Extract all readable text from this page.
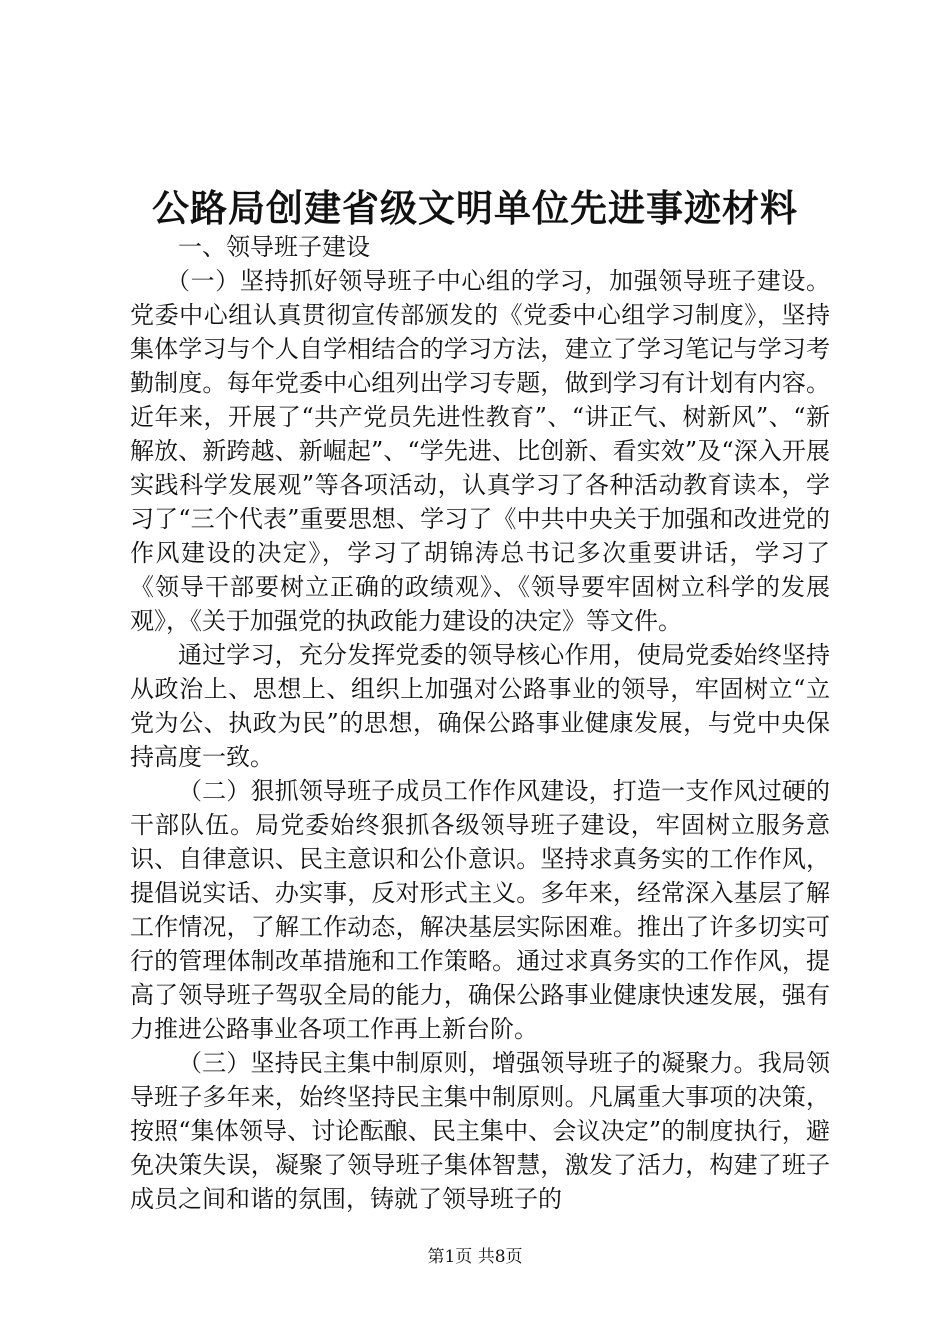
公路局创建省级文明单位先进事迹材料

一、领导班子建设

（一）坚持抓好领导班子中心组的学习，加强领导班子建设。党委中心组认真贯彻宣传部颁发的《党委中心组学习制度》，坚持集体学习与个人自学相结合的学习方法，建立了学习笔记与学习考勤制度。每年党委中心组列出学习专题，做到学习有计划有内容。近年来，开展了“共产党员先进性教育”、“讲正气、树新风”、“新解放、新跨越、新崛起”、“学先进、比创新、看实效”及“深入开展实践科学发展观”等各项活动，认真学习了各种活动教育读本，学习了“三个代表”重要思想、学习了《中共中央关于加强和改进党的作风建设的决定》，学习了胡锦涛总书记多次重要讲话，学习了《领导干部要树立正确的政绩观》、《领导要牢固树立科学的发展观》，《关于加强党的执政能力建设的决定》等文件。

通过学习，充分发挥党委的领导核心作用，使局党委始终坚持从政治上、思想上、组织上加强对公路事业的领导，牢固树立“立党为公、执政为民”的思想，确保公路事业健康发展，与党中央保持高度一致。

（二）狠抓领导班子成员工作作风建设，打造一支作风过硬的干部队伍。局党委始终狠抓各级领导班子建设，牢固树立服务意识、自律意识、民主意识和公仆意识。坚持求真务实的工作作风，提倡说实话、办实事，反对形式主义。多年来，经常深入基层了解工作情况，了解工作动态，解决基层实际困难。推出了许多切实可行的管理体制改革措施和工作策略。通过求真务实的工作作风，提高了领导班子驾驭全局的能力，确保公路事业健康快速发展，强有力推进公路事业各项工作再上新台阶。

（三）坚持民主集中制原则，增强领导班子的凝聚力。我局领导班子多年来，始终坚持民主集中制原则。凡属重大事项的决策，按照“集体领导、讨论酝酿、民主集中、会议决定”的制度执行，避免决策失误，凝聚了领导班子集体智慧，激发了活力，构建了班子成员之间和谐的氛围，铸就了领导班子的

第1页 共8页
